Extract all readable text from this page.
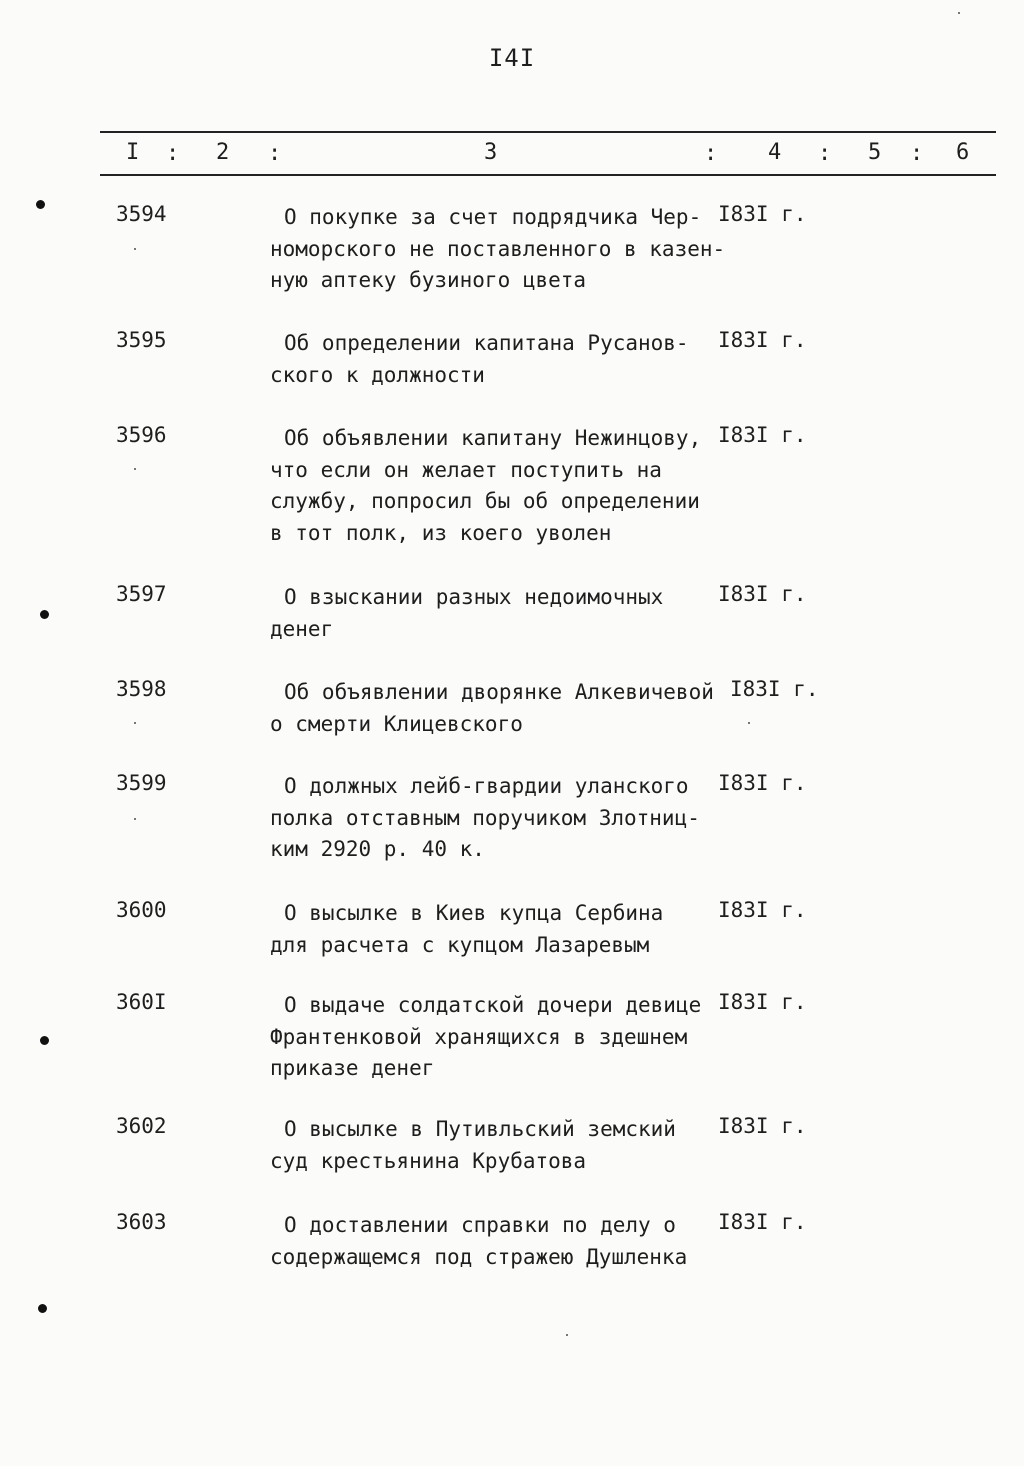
I4I
I : 2 :	3	: 4 : 5 : 6
3594	О покупке за счет подрядчика Чер-
номорского не поставленного в казен-
ную аптеку бузиного цвета
I83I г.
3595	Об определении капитана Русанов-
ского к должности
I83I г.
3596	Об объявлении капитану Нежинцову,
что если он желает поступить на
службу, попросил бы об определении
в тот полк, из коего уволен
I83I г.
3597	О взыскании разных недоимочных
денег
I83I г.
3598	Об объявлении дворянке Алкевичевой
о смерти Клицевского
I83I г.
3599	О должных лейб-гвардии уланского
полка отставным поручиком Злотниц-
ким 2920 р. 40 к.
I83I г.
3600	О высылке в Киев купца Сербина
для расчета с купцом Лазаревым
I83I г.
360I	О выдаче солдатской дочери девице
Франтенковой хранящихся в здешнем
приказе денег
I83I г.
3602	О высылке в Путивльский земский
суд крестьянина Крубатова
I83I г.
3603	О доставлении справки по делу о
содержащемся под стражею Душленка
I83I г.
